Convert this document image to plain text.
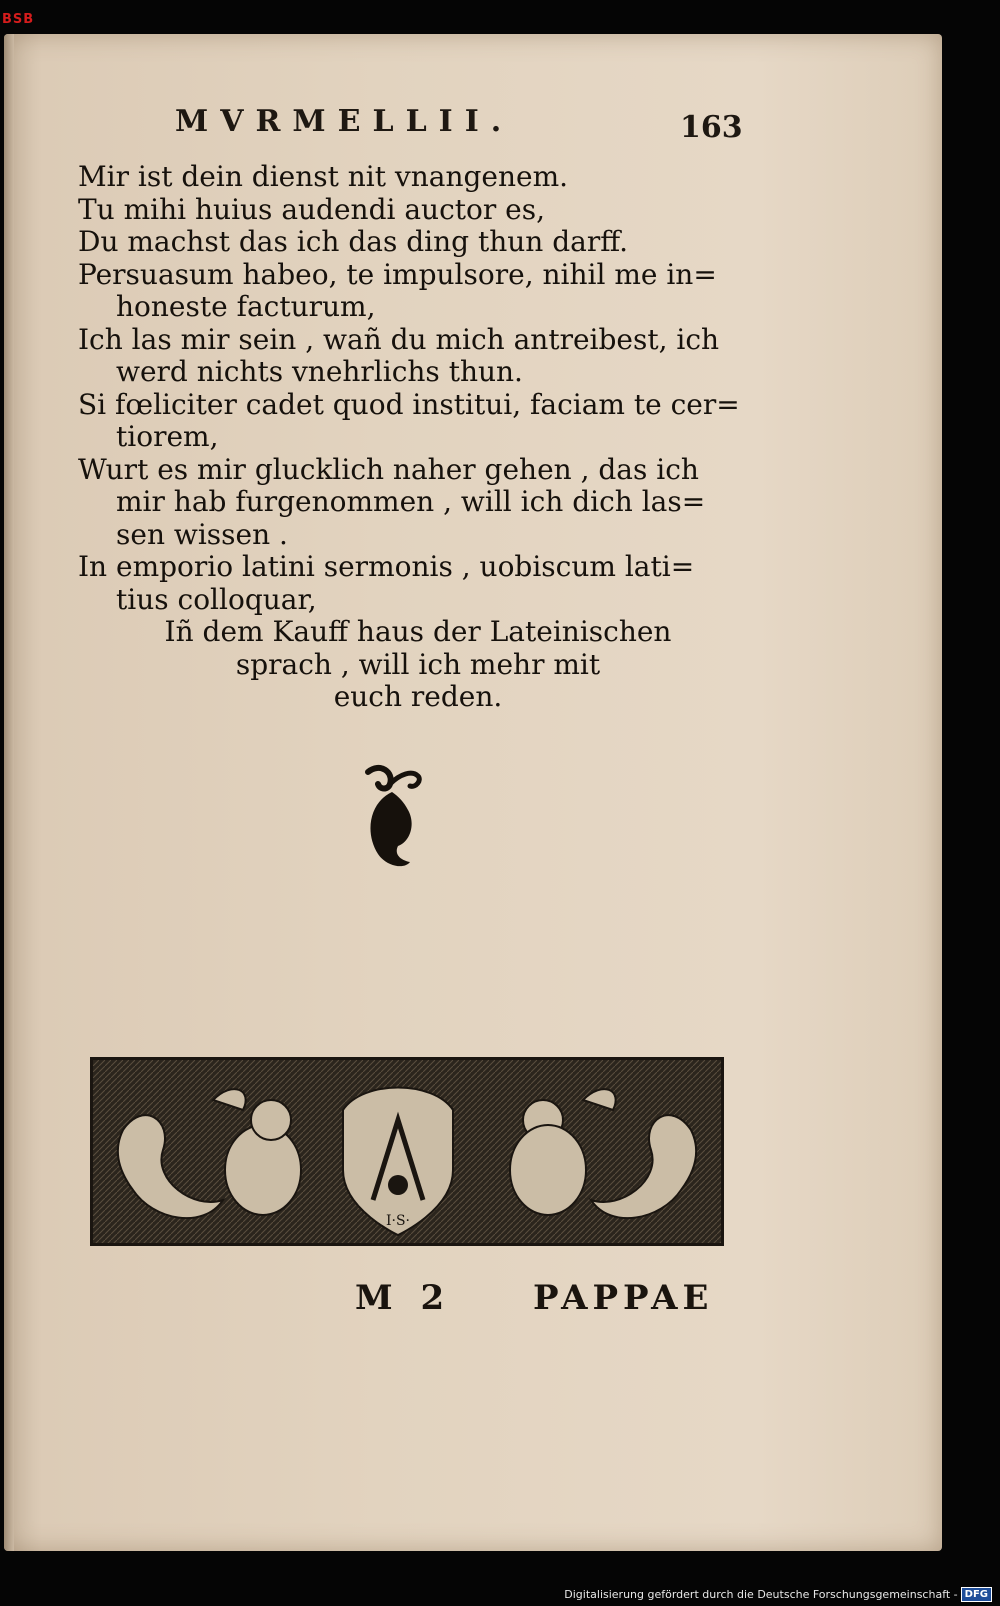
BSB
MVRMELLII.	163

Mir ist dein dienst nit vnangenem.

Tu mihi huius audendi auctor es,

Du machst das ich das ding thun darff.

Persuasum habeo, te impulsore, nihil me in=
honeste facturum,

Ich las mir sein , wañ du mich antreibest, ich
werd nichts vnehrlichs thun.

Si fœliciter cadet quod institui, faciam te cer=
tiorem,

Wurt es mir glucklich naher gehen , das ich
mir hab furgenommen , will ich dich las=
sen wissen .

In emporio latini sermonis , uobiscum lati=
tius colloquar,

Iñ dem Kauff haus der Lateinischen
sprach , will ich mehr mit
euch reden.

I·S·
M 2 PAPPAE
Digitalisierung gefördert durch die Deutsche Forschungsgemeinschaft - DFG
